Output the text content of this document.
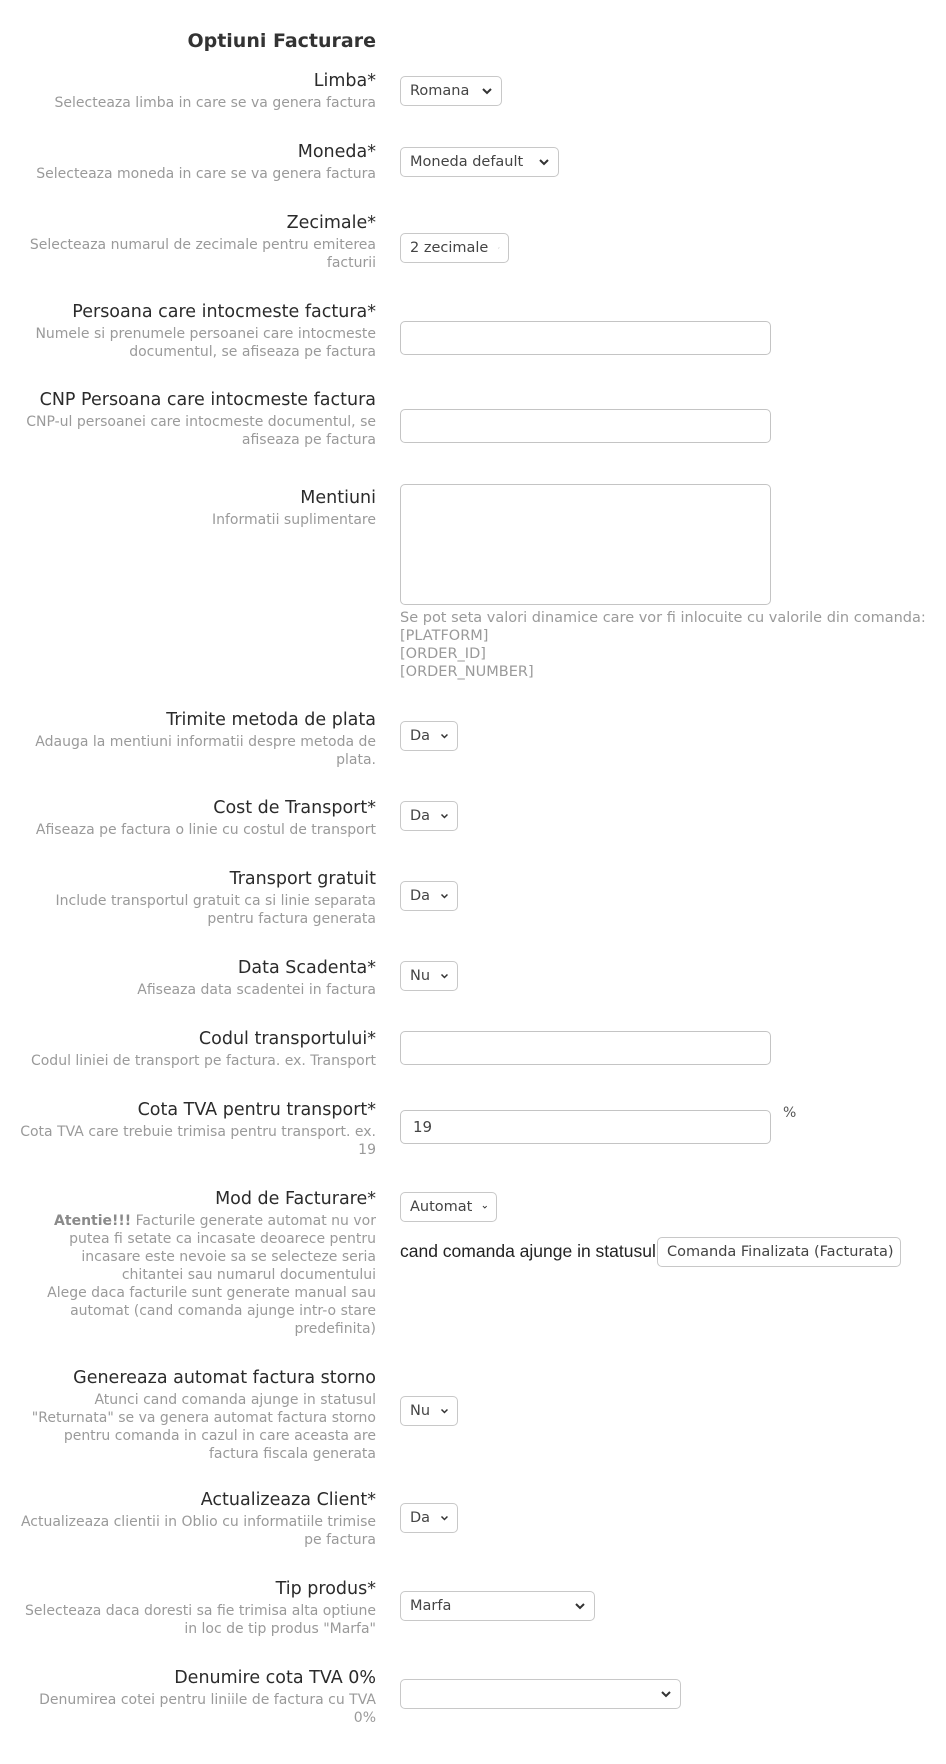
Optiuni Facturare
Limba*
Selecteaza limba in care se va genera factura
Romana
Moneda*
Selecteaza moneda in care se va genera factura
Moneda default
Zecimale*
Selecteaza numarul de zecimale pentru emiterea facturii
2 zecimale
Persoana care intocmeste factura*
Numele si prenumele persoanei care intocmeste documentul, se afiseaza pe factura
CNP Persoana care intocmeste factura
CNP-ul persoanei care intocmeste documentul, se afiseaza pe factura
Mentiuni
Informatii suplimentare
Se pot seta valori dinamice care vor fi inlocuite cu valorile din comanda:
[PLATFORM]
[ORDER_ID]
[ORDER_NUMBER]
Trimite metoda de plata
Adauga la mentiuni informatii despre metoda de plata.
Da
Cost de Transport*
Afiseaza pe factura o linie cu costul de transport
Da
Transport gratuit
Include transportul gratuit ca si linie separata pentru factura generata
Da
Data Scadenta*
Afiseaza data scadentei in factura
Nu
Codul transportului*
Codul liniei de transport pe factura. ex. Transport
Cota TVA pentru transport*
Cota TVA care trebuie trimisa pentru transport. ex. 19
19
%
Mod de Facturare*
Atentie!!! Facturile generate automat nu vor putea fi setate ca incasate deoarece pentru incasare este nevoie sa se selecteze seria chitantei sau numarul documentului
Alege daca facturile sunt generate manual sau automat (cand comanda ajunge intr-o stare predefinita)
Automat
cand comanda ajunge in statusul Comanda Finalizata (Facturata)
Genereaza automat factura storno
Atunci cand comanda ajunge in statusul "Returnata" se va genera automat factura storno pentru comanda in cazul in care aceasta are factura fiscala generata
Nu
Actualizeaza Client*
Actualizeaza clientii in Oblio cu informatiile trimise pe factura
Da
Tip produs*
Selecteaza daca doresti sa fie trimisa alta optiune in loc de tip produs "Marfa"
Marfa
Denumire cota TVA 0%
Denumirea cotei pentru liniile de factura cu TVA 0%
